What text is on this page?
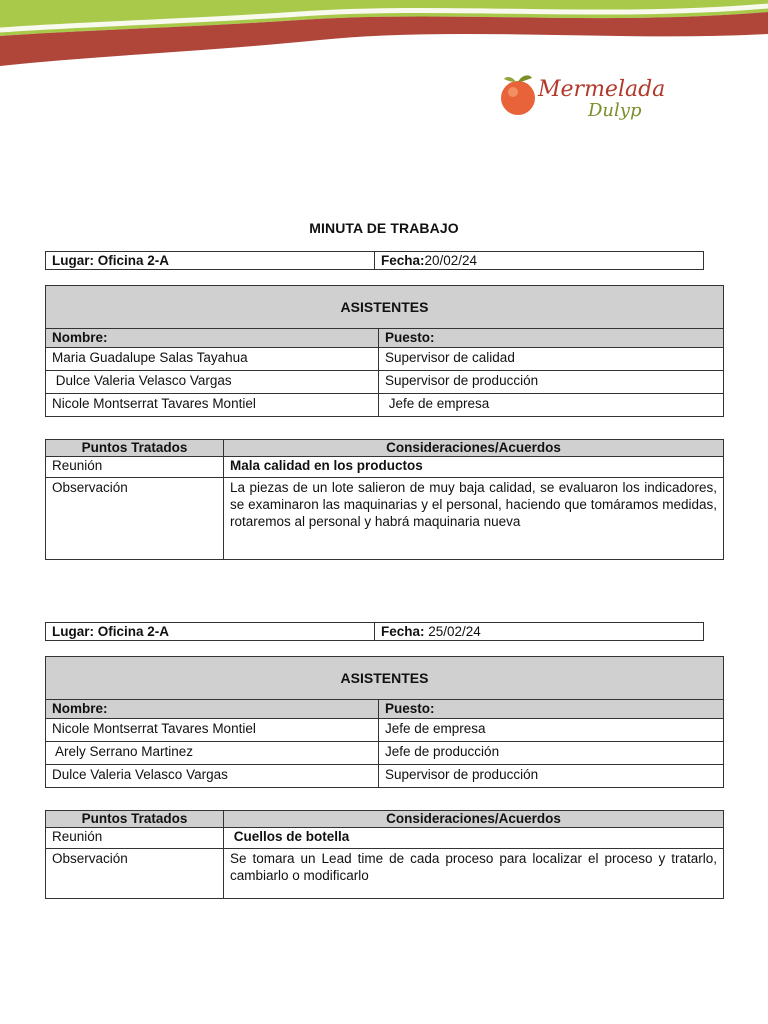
Mermelada
Dulyp
MINUTA DE TRABAJO
Lugar: Oficina 2-A	Fecha:20/02/24
ASISTENTES	
Nombre:	Puesto:
Maria Guadalupe Salas Tayahua	Supervisor de calidad
Dulce Valeria Velasco Vargas	Supervisor de producción
Nicole Montserrat Tavares Montiel	Jefe de empresa
Puntos Tratados	Consideraciones/Acuerdos
Reunión	Mala calidad en los productos
Observación	La piezas de un lote salieron de muy baja calidad, se evaluaron los indicadores, se examinaron las maquinarias y el personal, haciendo que tomáramos medidas, rotaremos al personal y habrá maquinaria nueva
Lugar: Oficina 2-A	Fecha: 25/02/24
ASISTENTES	
Nombre:	Puesto:
Nicole Montserrat Tavares Montiel	Jefe de empresa
Arely Serrano Martinez	Jefe de producción
Dulce Valeria Velasco Vargas	Supervisor de producción
Puntos Tratados	Consideraciones/Acuerdos
Reunión	Cuellos de botella
Observación	Se tomara un Lead time de cada proceso para localizar el proceso y tratarlo, cambiarlo o modificarlo
